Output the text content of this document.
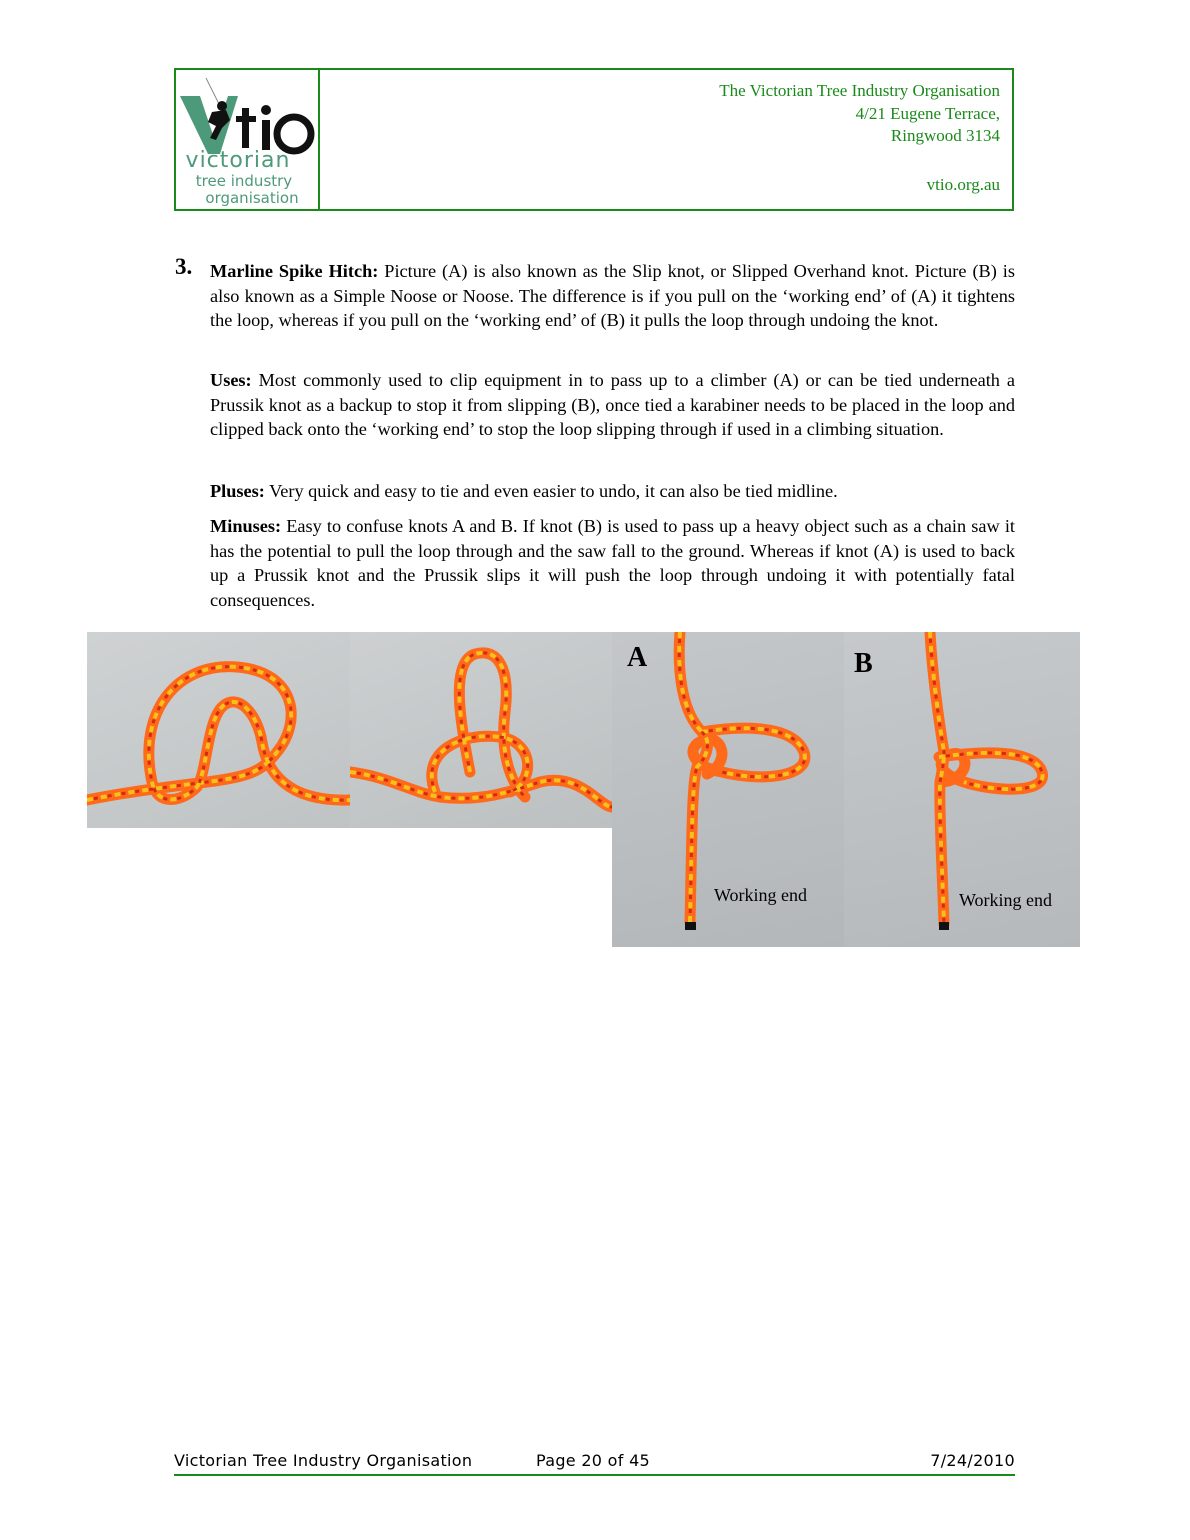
victorian
tree industry
organisation
The Victorian Tree Industry Organisation
4/21 Eugene Terrace,
Ringwood 3134
vtio.org.au
3. Marline Spike Hitch: Picture (A) is also known as the Slip knot, or Slipped Overhand knot. Picture (B) is also known as a Simple Noose or Noose. The difference is if you pull on the ‘working end’ of (A) it tightens the loop, whereas if you pull on the ‘working end’ of (B) it pulls the loop through undoing the knot.
Uses: Most commonly used to clip equipment in to pass up to a climber (A) or can be tied underneath a Prussik knot as a backup to stop it from slipping (B), once tied a karabiner needs to be placed in the loop and clipped back onto the ‘working end’ to stop the loop slipping through if used in a climbing situation.
Pluses: Very quick and easy to tie and even easier to undo, it can also be tied midline.
Minuses: Easy to confuse knots A and B. If knot (B) is used to pass up a heavy object such as a chain saw it has the potential to pull the loop through and the saw fall to the ground. Whereas if knot (A) is used to back up a Prussik knot and the Prussik slips it will push the loop through undoing it with potentially fatal consequences.
A
Working end
B
Working end
Victorian Tree Industry Organisation	Page 20 of 45	7/24/2010
